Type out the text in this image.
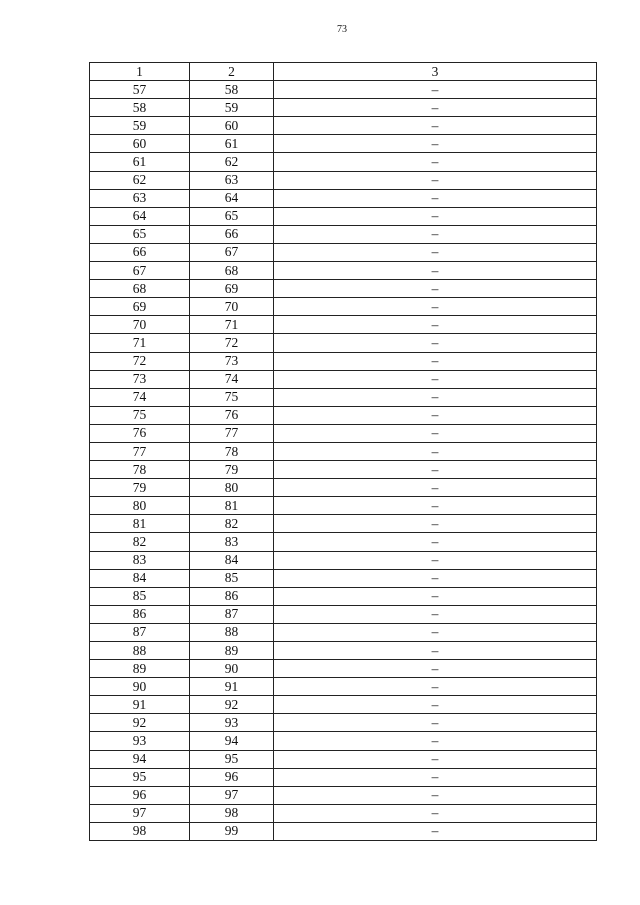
73
1	2	3
57	58	–
58	59	–
59	60	–
60	61	–
61	62	–
62	63	–
63	64	–
64	65	–
65	66	–
66	67	–
67	68	–
68	69	–
69	70	–
70	71	–
71	72	–
72	73	–
73	74	–
74	75	–
75	76	–
76	77	–
77	78	–
78	79	–
79	80	–
80	81	–
81	82	–
82	83	–
83	84	–
84	85	–
85	86	–
86	87	–
87	88	–
88	89	–
89	90	–
90	91	–
91	92	–
92	93	–
93	94	–
94	95	–
95	96	–
96	97	–
97	98	–
98	99	–
